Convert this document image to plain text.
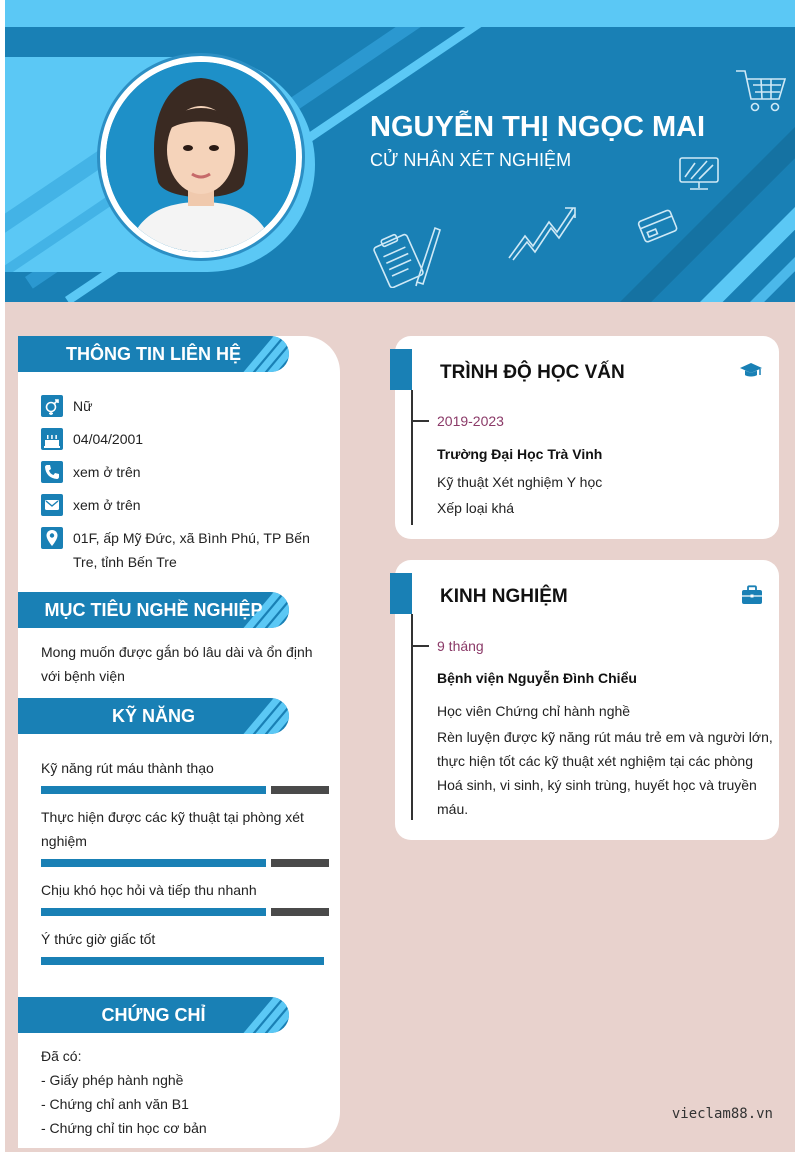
NGUYỄN THỊ NGỌC MAI
CỬ NHÂN XÉT NGHIỆM
THÔNG TIN LIÊN HỆ
Nữ
04/04/2001
xem ở trên
xem ở trên
01F, ấp Mỹ Đức, xã Bình Phú, TP Bến Tre, tỉnh Bến Tre
MỤC TIÊU NGHỀ NGHIỆP
Mong muốn được gắn bó lâu dài và ổn định với bệnh viện
KỸ NĂNG
Kỹ năng rút máu thành thạo
Thực hiện được các kỹ thuật tại phòng xét nghiệm
Chịu khó học hỏi và tiếp thu nhanh
Ý thức giờ giấc tốt
CHỨNG CHỈ
Đã có:
- Giấy phép hành nghề
- Chứng chỉ anh văn B1
- Chứng chỉ tin học cơ bản
TRÌNH ĐỘ HỌC VẤN
2019-2023
Trường Đại Học Trà Vinh
Kỹ thuật Xét nghiệm Y học
Xếp loại khá
KINH NGHIỆM
9 tháng
Bệnh viện Nguyễn Đình Chiểu
Học viên Chứng chỉ hành nghề
Rèn luyện được kỹ năng rút máu trẻ em và người lớn, thực hiện tốt các kỹ thuật xét nghiệm tại các phòng Hoá sinh, vi sinh, ký sinh trùng, huyết học và truyền máu.
vieclam88.vn
